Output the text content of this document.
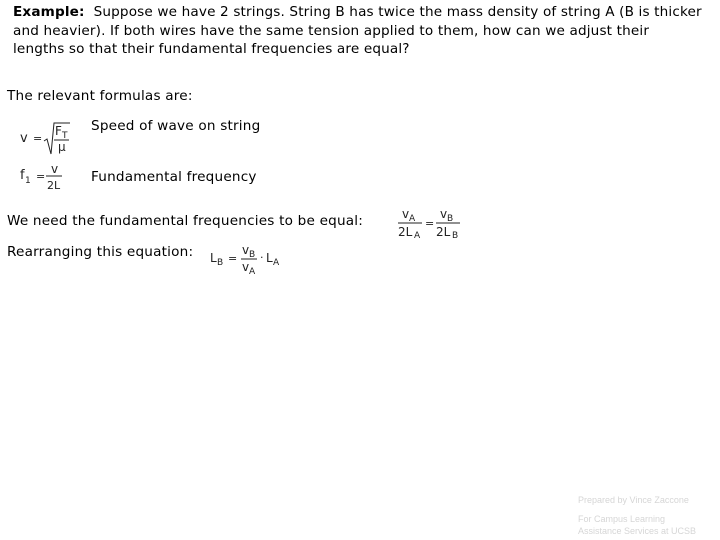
Example: Suppose we have 2 strings. String B has twice the mass density of string A (B is thicker and heavier). If both wires have the same tension applied to them, how can we adjust their lengths so that their fundamental frequencies are equal?
The relevant formulas are:
v =
F T
μ
Speed of wave on string
f 1 =
v
2L
Fundamental frequency
We need the fundamental frequencies to be equal:	v A
2L A
=
v B
2L B
Rearranging this equation: L B =
v B
v A
· L A
Prepared by Vince Zaccone
For Campus Learning
Assistance Services at UCSB
